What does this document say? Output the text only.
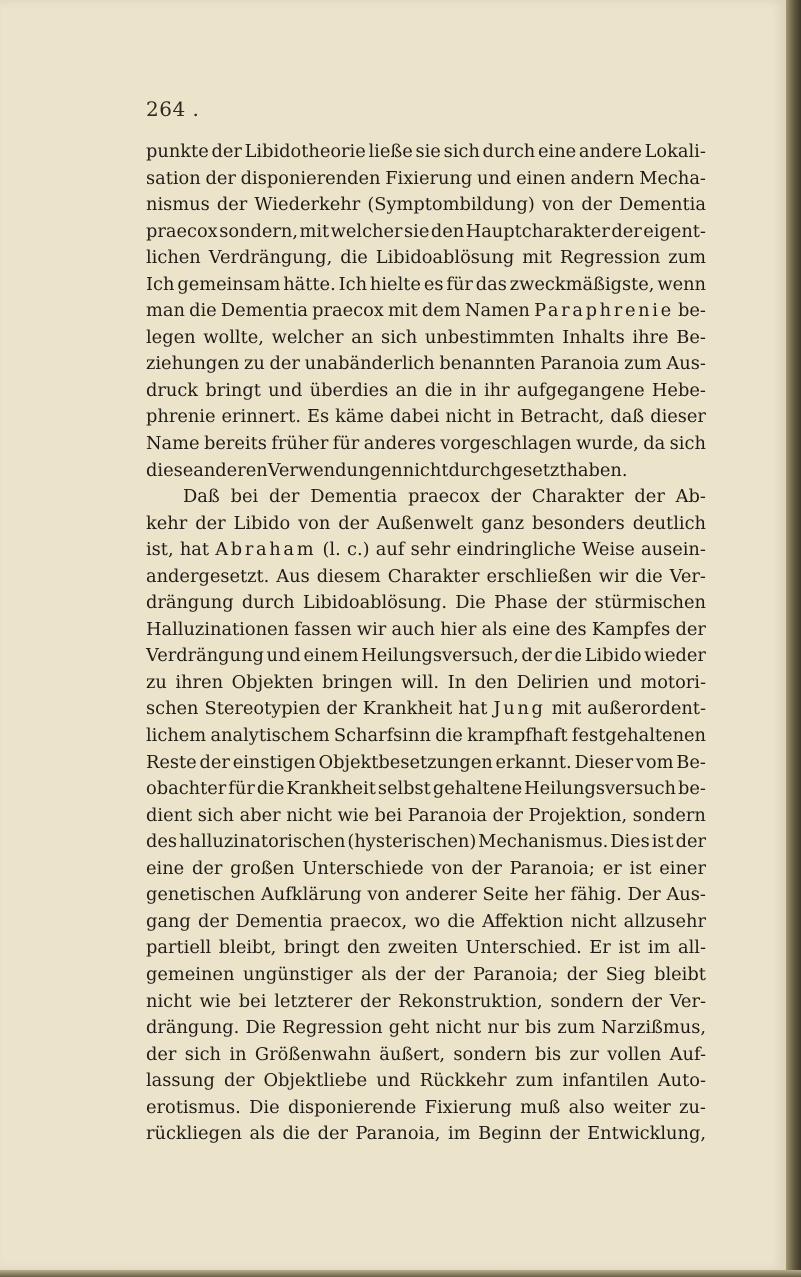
264 .
punkte der Libidotheorie ließe sie sich durch eine andere Lokali-
sation der disponierenden Fixierung und einen andern Mecha-
nismus der Wiederkehr (Symptombildung) von der Dementia
praecox sondern, mit welcher sie den Hauptcharakter der eigent-
lichen Verdrängung, die Libidoablösung mit Regression zum
Ich gemeinsam hätte. Ich hielte es für das zweckmäßigste, wenn
man die Dementia praecox mit dem Namen Paraphrenie be-
legen wollte, welcher an sich unbestimmten Inhalts ihre Be-
ziehungen zu der unabänderlich benannten Paranoia zum Aus-
druck bringt und überdies an die in ihr aufgegangene Hebe-
phrenie erinnert. Es käme dabei nicht in Betracht, daß dieser
Name bereits früher für anderes vorgeschlagen wurde, da sich
diese anderen Verwendungen nicht durchgesetzt haben.
Daß bei der Dementia praecox der Charakter der Ab-
kehr der Libido von der Außenwelt ganz besonders deutlich
ist, hat Abraham (l. c.) auf sehr eindringliche Weise ausein-
andergesetzt. Aus diesem Charakter erschließen wir die Ver-
drängung durch Libidoablösung. Die Phase der stürmischen
Halluzinationen fassen wir auch hier als eine des Kampfes der
Verdrängung und einem Heilungsversuch, der die Libido wieder
zu ihren Objekten bringen will. In den Delirien und motori-
schen Stereotypien der Krankheit hat Jung mit außerordent-
lichem analytischem Scharfsinn die krampfhaft festgehaltenen
Reste der einstigen Objektbesetzungen erkannt. Dieser vom Be-
obachter für die Krankheit selbst gehaltene Heilungsversuch be-
dient sich aber nicht wie bei Paranoia der Projektion, sondern
des halluzinatorischen (hysterischen) Mechanismus. Dies ist der
eine der großen Unterschiede von der Paranoia; er ist einer
genetischen Aufklärung von anderer Seite her fähig. Der Aus-
gang der Dementia praecox, wo die Affektion nicht allzusehr
partiell bleibt, bringt den zweiten Unterschied. Er ist im all-
gemeinen ungünstiger als der der Paranoia; der Sieg bleibt
nicht wie bei letzterer der Rekonstruktion, sondern der Ver-
drängung. Die Regression geht nicht nur bis zum Narzißmus,
der sich in Größenwahn äußert, sondern bis zur vollen Auf-
lassung der Objektliebe und Rückkehr zum infantilen Auto-
erotismus. Die disponierende Fixierung muß also weiter zu-
rückliegen als die der Paranoia, im Beginn der Entwicklung,
